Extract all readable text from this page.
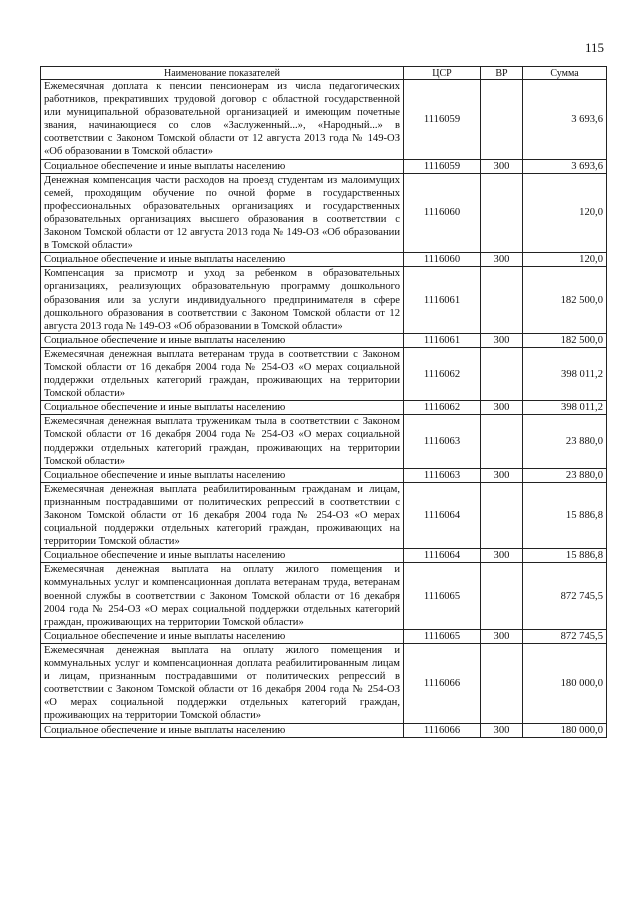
115
Наименование показателей	ЦСР	ВР	Сумма
Ежемесячная доплата к пенсии пенсионерам из числа педагогических работников, прекративших трудовой договор с областной государственной или муниципальной образовательной организацией и имеющим почетные звания, начинающиеся со слов «Заслуженный...», «Народный...» в соответствии с Законом Томской области от 12 августа 2013 года № 149-ОЗ «Об образовании в Томской области»	1116059		3 693,6
Социальное обеспечение и иные выплаты населению	1116059	300	3 693,6
Денежная компенсация части расходов на проезд студентам из малоимущих семей, проходящим обучение по очной форме в государственных профессиональных образовательных организациях и государственных образовательных организациях высшего образования в соответствии с Законом Томской области от 12 августа 2013 года № 149-ОЗ «Об образовании в Томской области»	1116060		120,0
Социальное обеспечение и иные выплаты населению	1116060	300	120,0
Компенсация за присмотр и уход за ребенком в образовательных организациях, реализующих образовательную программу дошкольного образования или за услуги индивидуального предпринимателя в сфере дошкольного образования в соответствии с Законом Томской области от 12 августа 2013 года № 149-ОЗ «Об образовании в Томской области»	1116061		182 500,0
Социальное обеспечение и иные выплаты населению	1116061	300	182 500,0
Ежемесячная денежная выплата ветеранам труда в соответствии с Законом Томской области от 16 декабря 2004 года № 254-ОЗ «О мерах социальной поддержки отдельных категорий граждан, проживающих на территории Томской области»	1116062		398 011,2
Социальное обеспечение и иные выплаты населению	1116062	300	398 011,2
Ежемесячная денежная выплата труженикам тыла в соответствии с Законом Томской области от 16 декабря 2004 года № 254-ОЗ «О мерах социальной поддержки отдельных категорий граждан, проживающих на территории Томской области»	1116063		23 880,0
Социальное обеспечение и иные выплаты населению	1116063	300	23 880,0
Ежемесячная денежная выплата реабилитированным гражданам и лицам, признанным пострадавшими от политических репрессий в соответствии с Законом Томской области от 16 декабря 2004 года № 254-ОЗ «О мерах социальной поддержки отдельных категорий граждан, проживающих на территории Томской области»	1116064		15 886,8
Социальное обеспечение и иные выплаты населению	1116064	300	15 886,8
Ежемесячная денежная выплата на оплату жилого помещения и коммунальных услуг и компенсационная доплата ветеранам труда, ветеранам военной службы в соответствии с Законом Томской области от 16 декабря 2004 года № 254-ОЗ «О мерах социальной поддержки отдельных категорий граждан, проживающих на территории Томской области»	1116065		872 745,5
Социальное обеспечение и иные выплаты населению	1116065	300	872 745,5
Ежемесячная денежная выплата на оплату жилого помещения и коммунальных услуг и компенсационная доплата реабилитированным лицам и лицам, признанным пострадавшими от политических репрессий в соответствии с Законом Томской области от 16 декабря 2004 года № 254-ОЗ «О мерах социальной поддержки отдельных категорий граждан, проживающих на территории Томской области»	1116066		180 000,0
Социальное обеспечение и иные выплаты населению	1116066	300	180 000,0
